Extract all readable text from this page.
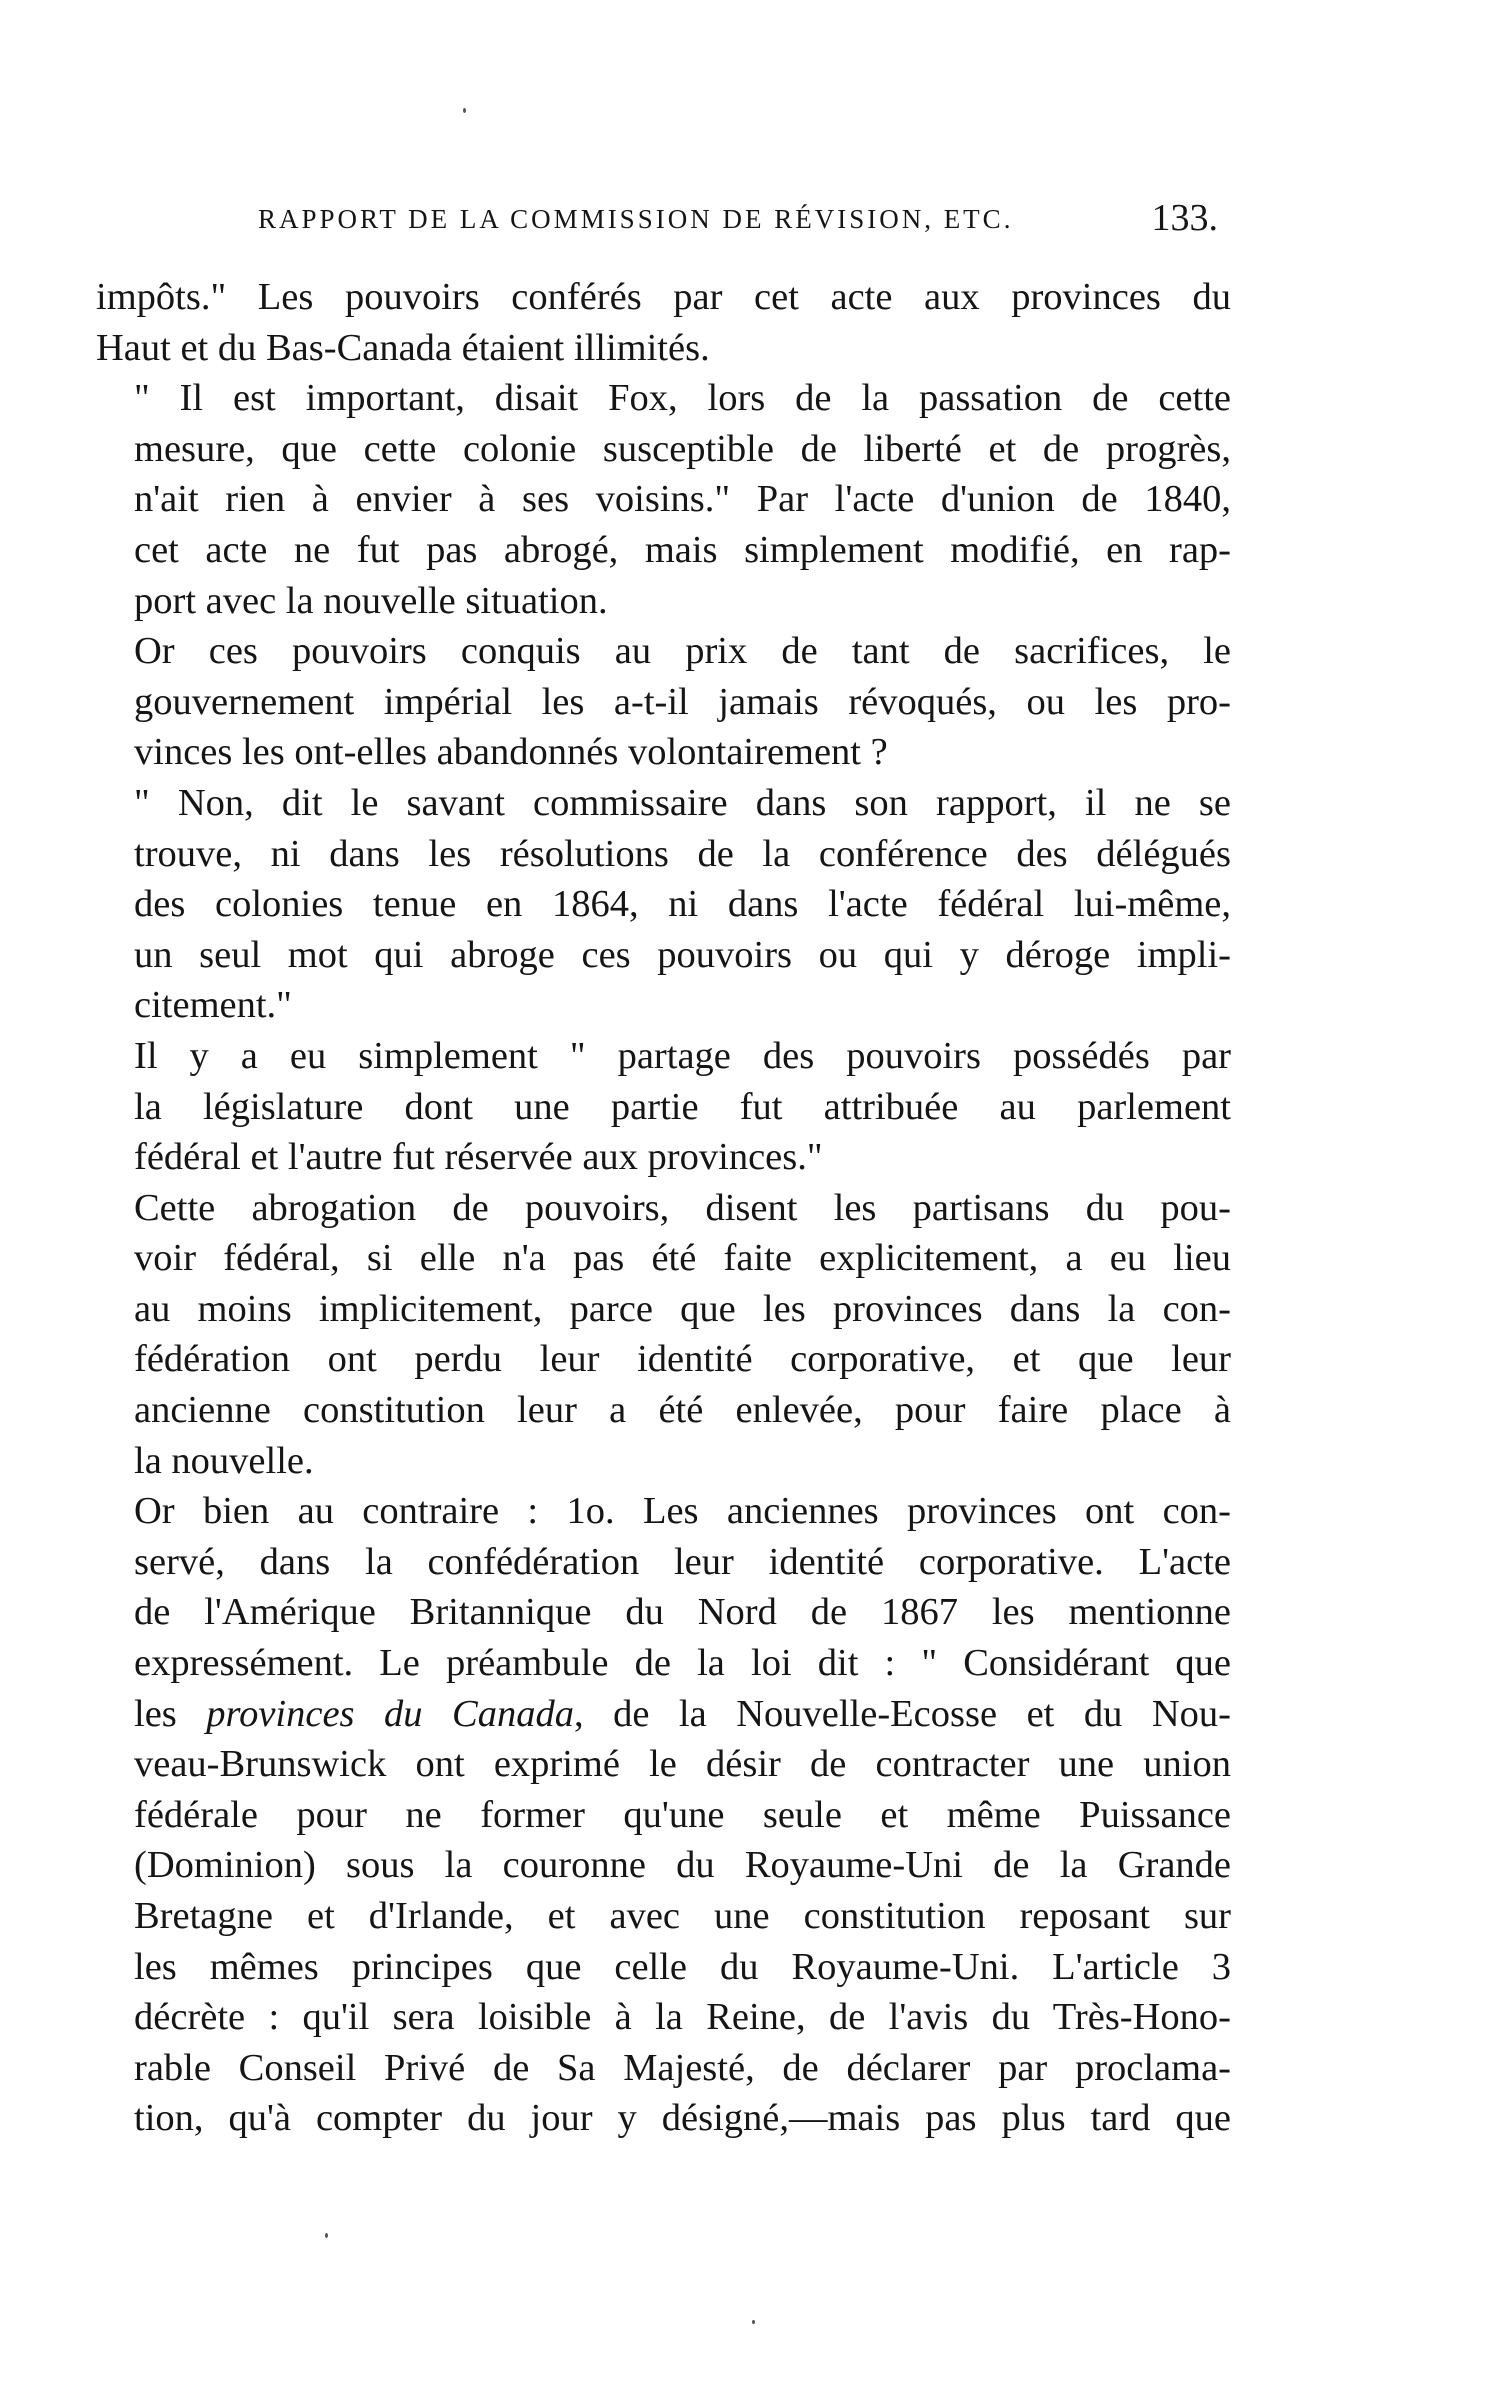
RAPPORT DE LA COMMISSION DE RÉVISION, ETC.	133.

impôts." Les pouvoirs conférés par cet acte aux provinces du
Haut et du Bas-Canada étaient illimités.

" Il est important, disait Fox, lors de la passation de cette
mesure, que cette colonie susceptible de liberté et de progrès,
n'ait rien à envier à ses voisins." Par l'acte d'union de 1840,
cet acte ne fut pas abrogé, mais simplement modifié, en rap-
port avec la nouvelle situation.

Or ces pouvoirs conquis au prix de tant de sacrifices, le
gouvernement impérial les a-t-il jamais révoqués, ou les pro-
vinces les ont-elles abandonnés volontairement ?

" Non, dit le savant commissaire dans son rapport, il ne se
trouve, ni dans les résolutions de la conférence des délégués
des colonies tenue en 1864, ni dans l'acte fédéral lui-même,
un seul mot qui abroge ces pouvoirs ou qui y déroge impli-
citement."

Il y a eu simplement " partage des pouvoirs possédés par
la législature dont une partie fut attribuée au parlement
fédéral et l'autre fut réservée aux provinces."

Cette abrogation de pouvoirs, disent les partisans du pou-
voir fédéral, si elle n'a pas été faite explicitement, a eu lieu
au moins implicitement, parce que les provinces dans la con-
fédération ont perdu leur identité corporative, et que leur
ancienne constitution leur a été enlevée, pour faire place à
la nouvelle.

Or bien au contraire : 1o. Les anciennes provinces ont con-
servé, dans la confédération leur identité corporative. L'acte
de l'Amérique Britannique du Nord de 1867 les mentionne
expressément. Le préambule de la loi dit : " Considérant que
les provinces du Canada, de la Nouvelle-Ecosse et du Nou-
veau-Brunswick ont exprimé le désir de contracter une union
fédérale pour ne former qu'une seule et même Puissance
(Dominion) sous la couronne du Royaume-Uni de la Grande
Bretagne et d'Irlande, et avec une constitution reposant sur
les mêmes principes que celle du Royaume-Uni. L'article 3
décrète : qu'il sera loisible à la Reine, de l'avis du Très-Hono-
rable Conseil Privé de Sa Majesté, de déclarer par proclama-
tion, qu'à compter du jour y désigné,—mais pas plus tard que
